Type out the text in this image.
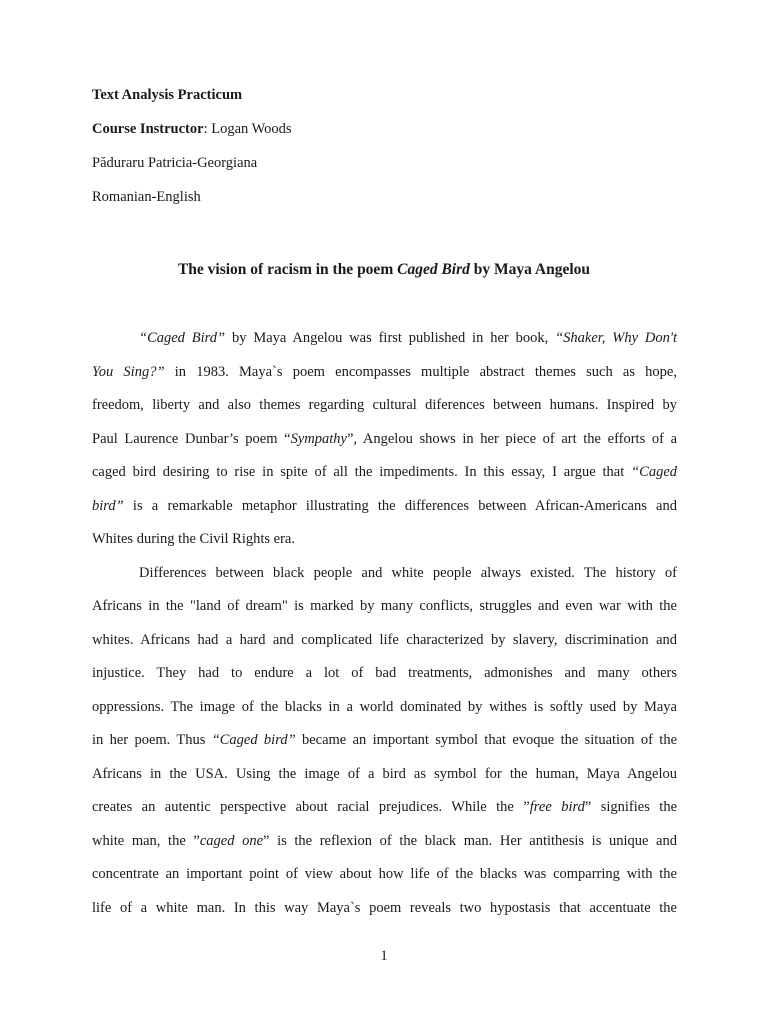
Text Analysis Practicum
Course Instructor: Logan Woods
Păduraru Patricia-Georgiana
Romanian-English
The vision of racism in the poem Caged Bird by Maya Angelou
“Caged Bird” by Maya Angelou was first published in her book, “Shaker, Why Don't
You Sing?” in 1983. Maya`s poem encompasses multiple abstract themes such as hope,
freedom, liberty and also themes regarding cultural diferences between humans. Inspired by
Paul Laurence Dunbar’s poem “Sympathy”, Angelou shows in her piece of art the efforts of a
caged bird desiring to rise in spite of all the impediments. In this essay, I argue that “Caged
bird” is a remarkable metaphor illustrating the differences between African-Americans and
Whites during the Civil Rights era.
Differences between black people and white people always existed. The history of
Africans in the "land of dream" is marked by many conflicts, struggles and even war with the
whites. Africans had a hard and complicated life characterized by slavery, discrimination and
injustice. They had to endure a lot of bad treatments, admonishes and many others
oppressions. The image of the blacks in a world dominated by withes is softly used by Maya
in her poem. Thus “Caged bird” became an important symbol that evoque the situation of the
Africans in the USA. Using the image of a bird as symbol for the human, Maya Angelou
creates an autentic perspective about racial prejudices. While the ”free bird” signifies the
white man, the ”caged one” is the reflexion of the black man. Her antithesis is unique and
concentrate an important point of view about how life of the blacks was comparring with the
life of a white man. In this way Maya`s poem reveals two hypostasis that accentuate the
1
